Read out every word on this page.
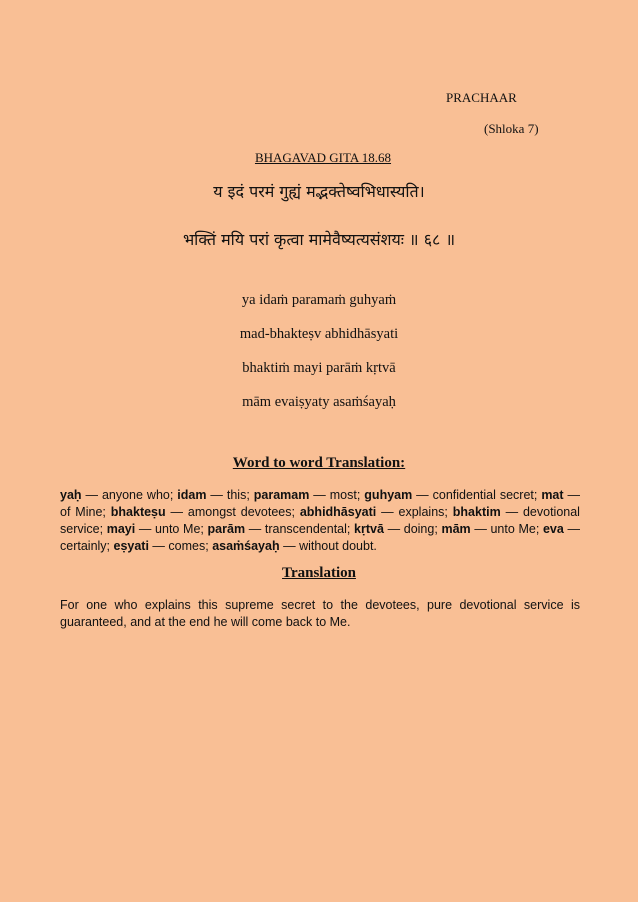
PRACHAAR
(Shloka 7)
BHAGAVAD GITA 18.68
य इदं परमं गुह्यं मद्भक्तेष्वभिधास्यति।
भक्तिं मयि परां कृत्वा मामेवैष्यत्यसंशयः ॥ ६८ ॥
ya idaṁ paramaṁ guhyaṁ
mad-bhakteṣv abhidhāsyati
bhaktiṁ mayi parāṁ kṛtvā
mām evaiṣyaty asaṁśayaḥ
Word to word Translation:
yaḥ — anyone who; idam — this; paramam — most; guhyam — confidential secret; mat — of Mine; bhakteṣu — amongst devotees; abhidhāsyati — explains; bhaktim — devotional service; mayi — unto Me; parām — transcendental; kṛtvā — doing; mām — unto Me; eva — certainly; eṣyati — comes; asaṁśayaḥ — without doubt.
Translation
For one who explains this supreme secret to the devotees, pure devotional service is guaranteed, and at the end he will come back to Me.
